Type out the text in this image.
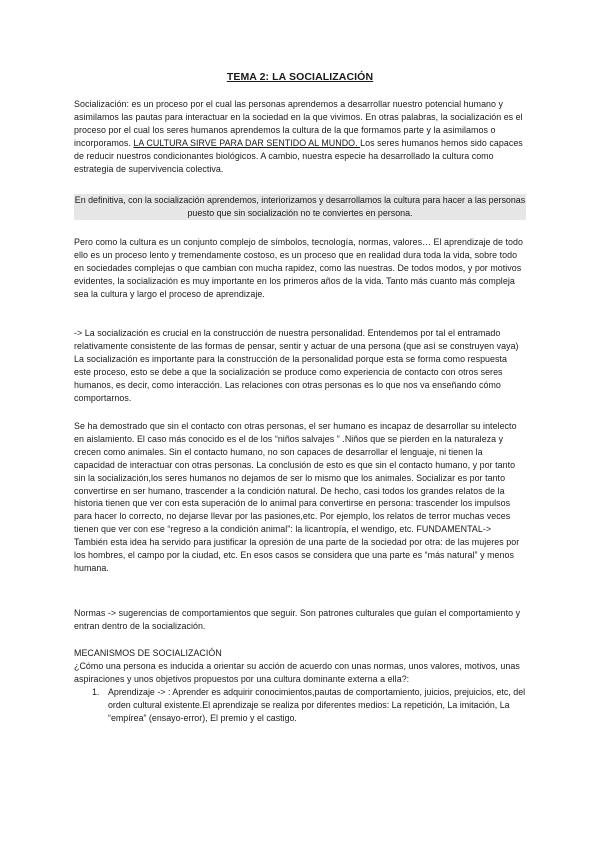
TEMA 2: LA SOCIALIZACIÓN
Socialización: es un proceso por el cual las personas aprendemos a desarrollar nuestro potencial humano y asimilamos las pautas para interactuar en la sociedad en la que vivimos. En otras palabras, la socialización es el proceso por el cual los seres humanos aprendemos la cultura de la que formamos parte y la asimilamos o incorporamos. LA CULTURA SIRVE PARA DAR SENTIDO AL MUNDO. Los seres humanos hemos sido capaces de reducir nuestros condicionantes biológicos. A cambio, nuestra especie ha desarrollado la cultura como estrategia de supervivencia colectiva.
En definitiva, con la socialización aprendemos, interiorizamos y desarrollamos la cultura para hacer a las personas puesto que sin socialización no te conviertes en persona.
Pero como la cultura es un conjunto complejo de símbolos, tecnología, normas, valores… El aprendizaje de todo ello es un proceso lento y tremendamente costoso, es un proceso que en realidad dura toda la vida, sobre todo en sociedades complejas o que cambian con mucha rapidez, como las nuestras. De todos modos, y por motivos evidentes, la socialización es muy importante en los primeros años de la vida. Tanto más cuanto más compleja sea la cultura y largo el proceso de aprendizaje.
-> La socialización es crucial en la construcción de nuestra personalidad. Entendemos por tal el entramado relativamente consistente de las formas de pensar, sentir y actuar de una persona (que así se construyen vaya) La socialización es importante para la construcción de la personalidad porque esta se forma como respuesta este proceso, esto se debe a que la socialización se produce como experiencia de contacto con otros seres humanos, es decir, como interacción. Las relaciones con otras personas es lo que nos va enseñando cómo comportarnos.
Se ha demostrado que sin el contacto con otras personas, el ser humano es incapaz de desarrollar su intelecto en aislamiento. El caso más conocido es el de los “niños salvajes ” .Niños que se pierden en la naturaleza y crecen como animales. Sin el contacto humano, no son capaces de desarrollar el lenguaje, ni tienen la capacidad de interactuar con otras personas. La conclusión de esto es que sin el contacto humano, y por tanto sin la socialización,los seres humanos no dejamos de ser lo mismo que los animales. Socializar es por tanto convertirse en ser humano, trascender a la condición natural. De hecho, casi todos los grandes relatos de la historia tienen que ver con esta superación de lo animal para convertirse en persona: trascender los impulsos para hacer lo correcto, no dejarse llevar por las pasiones,etc. Por ejemplo, los relatos de terror muchas veces tienen que ver con ese “regreso a la condición animal”: la licantropía, el wendigo, etc. FUNDAMENTAL-> También esta idea ha servido para justificar la opresión de una parte de la sociedad por otra: de las mujeres por los hombres, el campo por la ciudad, etc. En esos casos se considera que una parte es “más natural” y menos humana.
Normas -> sugerencias de comportamientos que seguir. Son patrones culturales que guían el comportamiento y entran dentro de la socialización.
MECANISMOS DE SOCIALIZACIÓN
¿Cómo una persona es inducida a orientar su acción de acuerdo con unas normas, unos valores, motivos, unas aspiraciones y unos objetivos propuestos por una cultura dominante externa a ella?:
1. Aprendizaje -> : Aprender es adquirir conocimientos,pautas de comportamiento, juicios, prejuicios, etc, del orden cultural existente.El aprendizaje se realiza por diferentes medios: La repetición, La imitación, La “empírea” (ensayo-error), El premio y el castigo.
